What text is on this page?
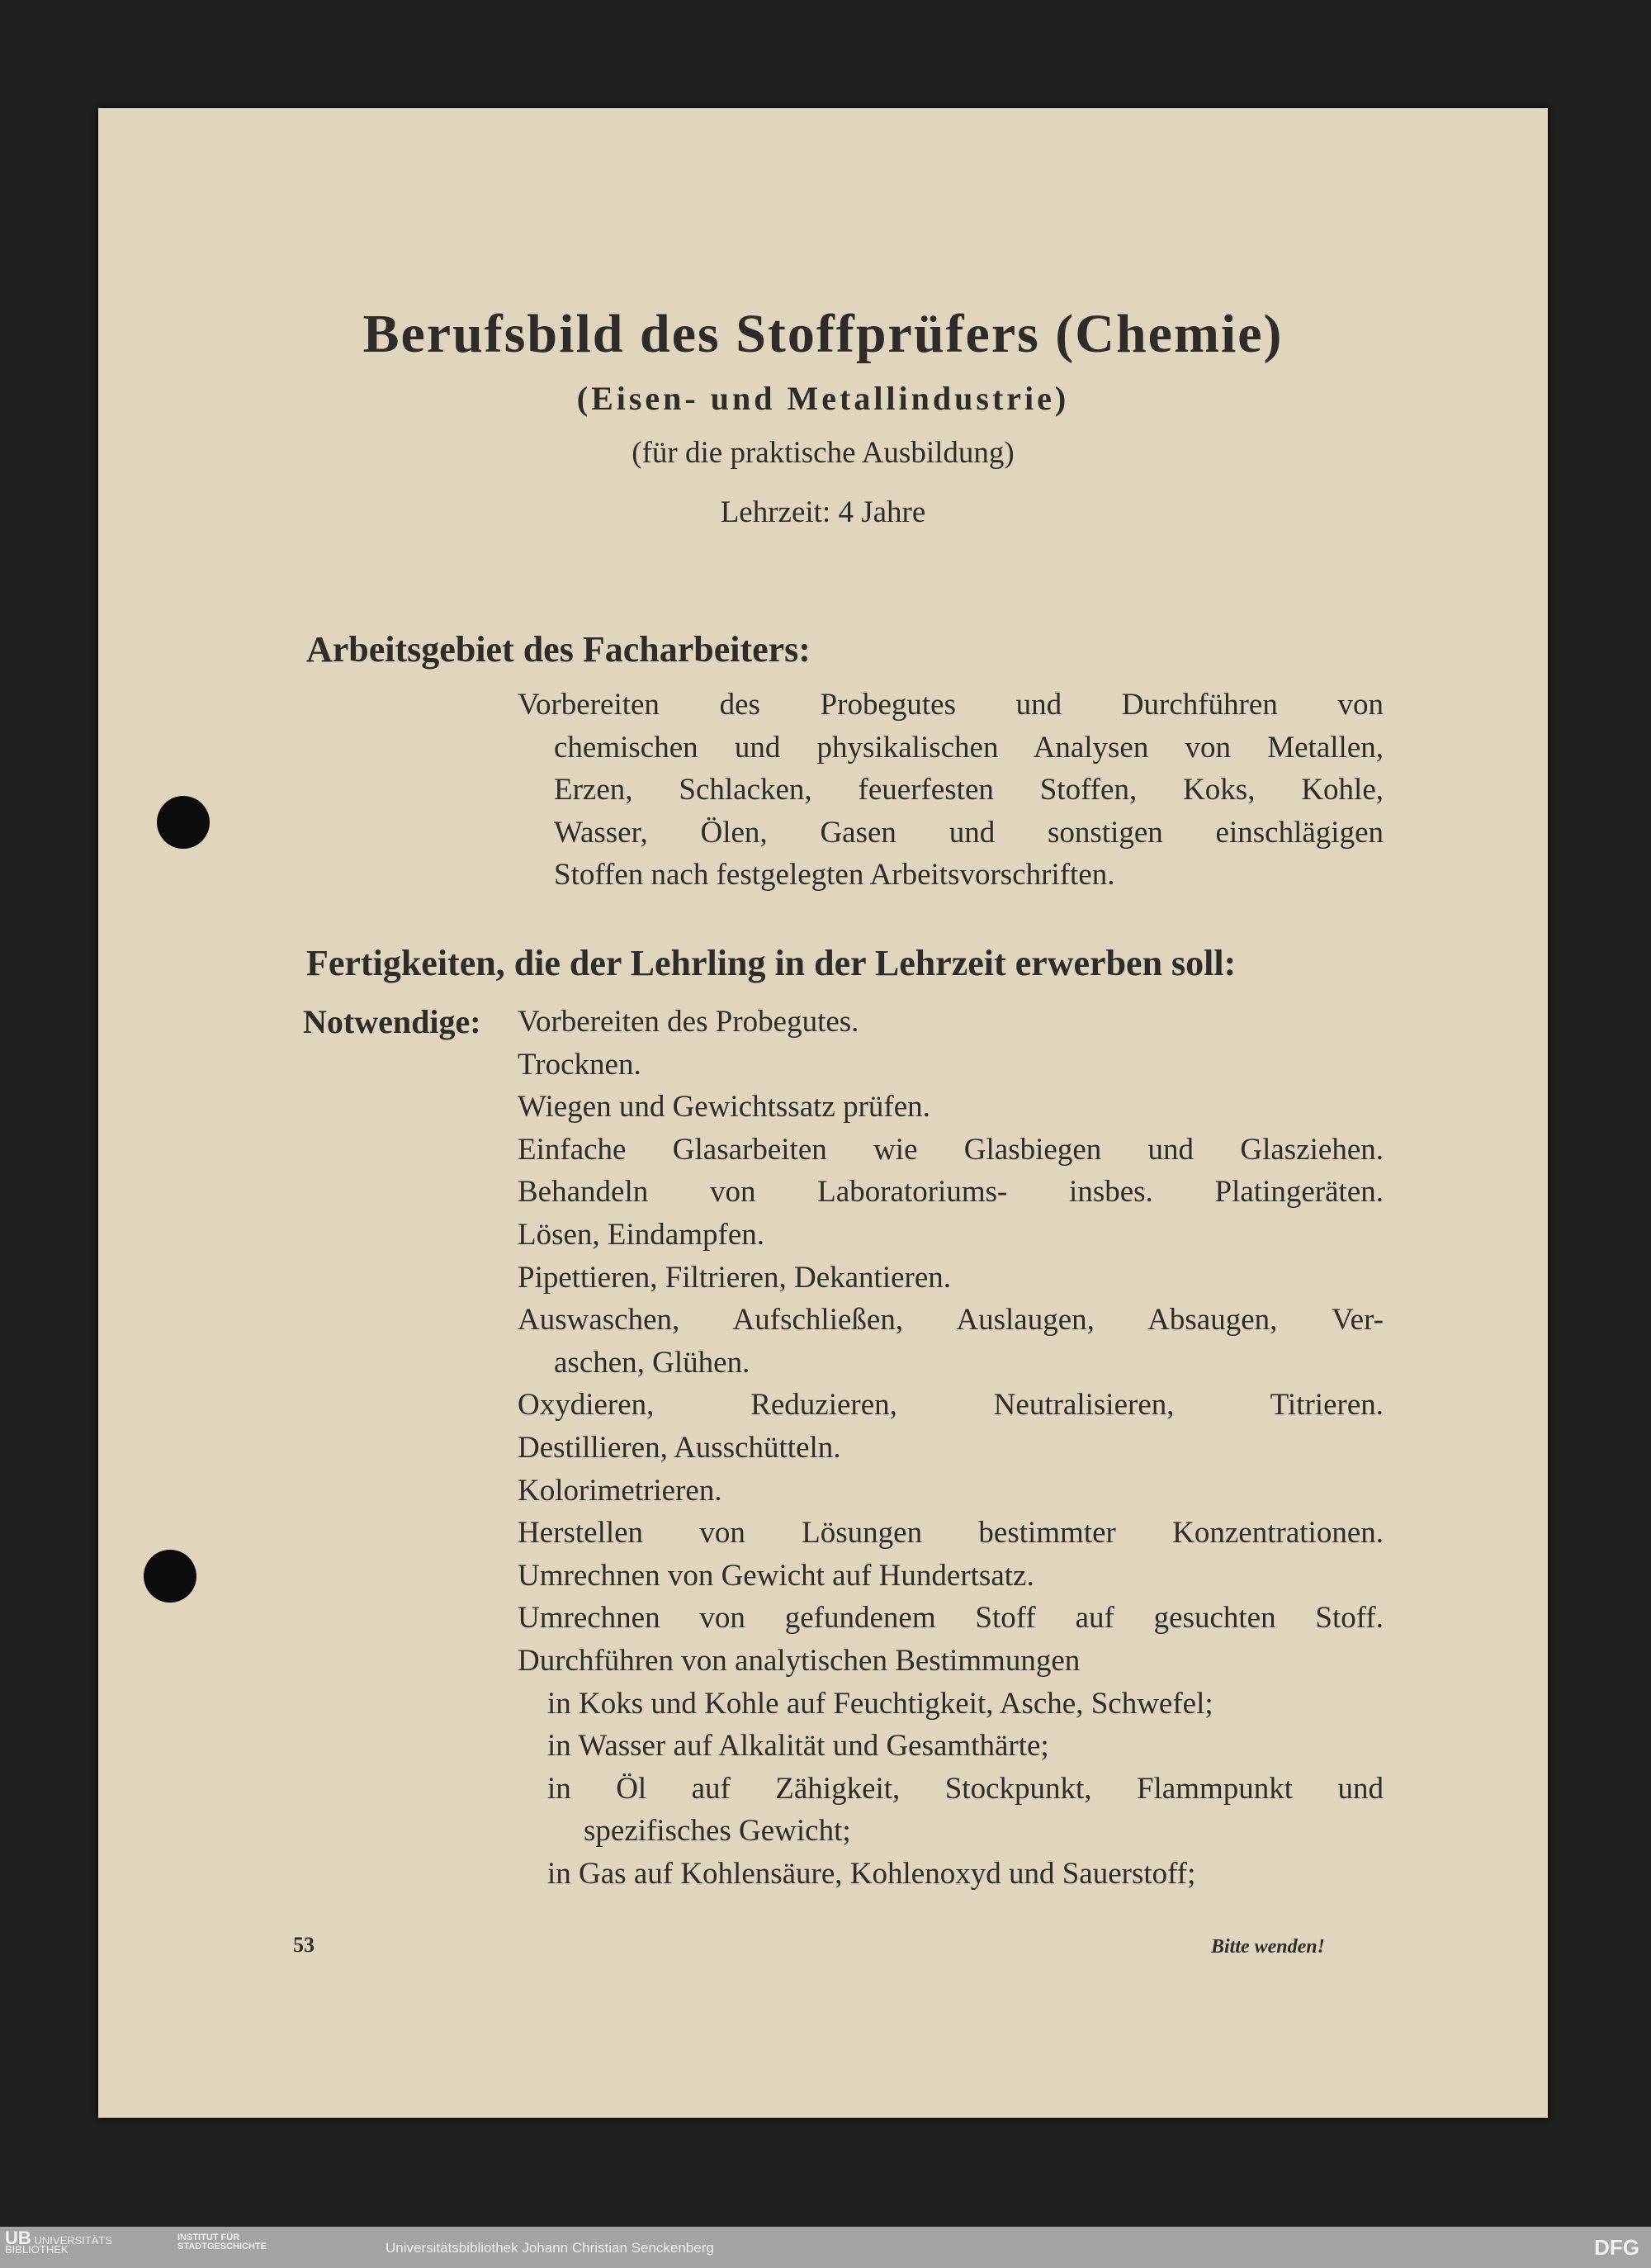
Berufsbild des Stoffprüfers (Chemie)
(Eisen- und Metallindustrie)
(für die praktische Ausbildung)
Lehrzeit: 4 Jahre
Arbeitsgebiet des Facharbeiters:
Vorbereiten des Probegutes und Durchführen von
chemischen und physikalischen Analysen von Metallen,
Erzen, Schlacken, feuerfesten Stoffen, Koks, Kohle,
Wasser, Ölen, Gasen und sonstigen einschlägigen
Stoffen nach festgelegten Arbeitsvorschriften.
Fertigkeiten, die der Lehrling in der Lehrzeit erwerben soll:
Notwendige: Vorbereiten des Probegutes.
Trocknen.
Wiegen und Gewichtssatz prüfen.
Einfache Glasarbeiten wie Glasbiegen und Glasziehen.
Behandeln von Laboratoriums- insbes. Platingeräten.
Lösen, Eindampfen.
Pipettieren, Filtrieren, Dekantieren.
Auswaschen, Aufschließen, Auslaugen, Absaugen, Ver-
aschen, Glühen.
Oxydieren, Reduzieren, Neutralisieren, Titrieren.
Destillieren, Ausschütteln.
Kolorimetrieren.
Herstellen von Lösungen bestimmter Konzentrationen.
Umrechnen von Gewicht auf Hundertsatz.
Umrechnen von gefundenem Stoff auf gesuchten Stoff.
Durchführen von analytischen Bestimmungen
in Koks und Kohle auf Feuchtigkeit, Asche, Schwefel;
in Wasser auf Alkalität und Gesamthärte;
in Öl auf Zähigkeit, Stockpunkt, Flammpunkt und
spezifisches Gewicht;
in Gas auf Kohlensäure, Kohlenoxyd und Sauerstoff;
53	Bitte wenden!
UB UNIVERSITÄTS BIBLIOTHEK
INSTITUT FÜR
STADTGESCHICHTE	Universitätsbibliothek Johann Christian Senckenberg	DFG
